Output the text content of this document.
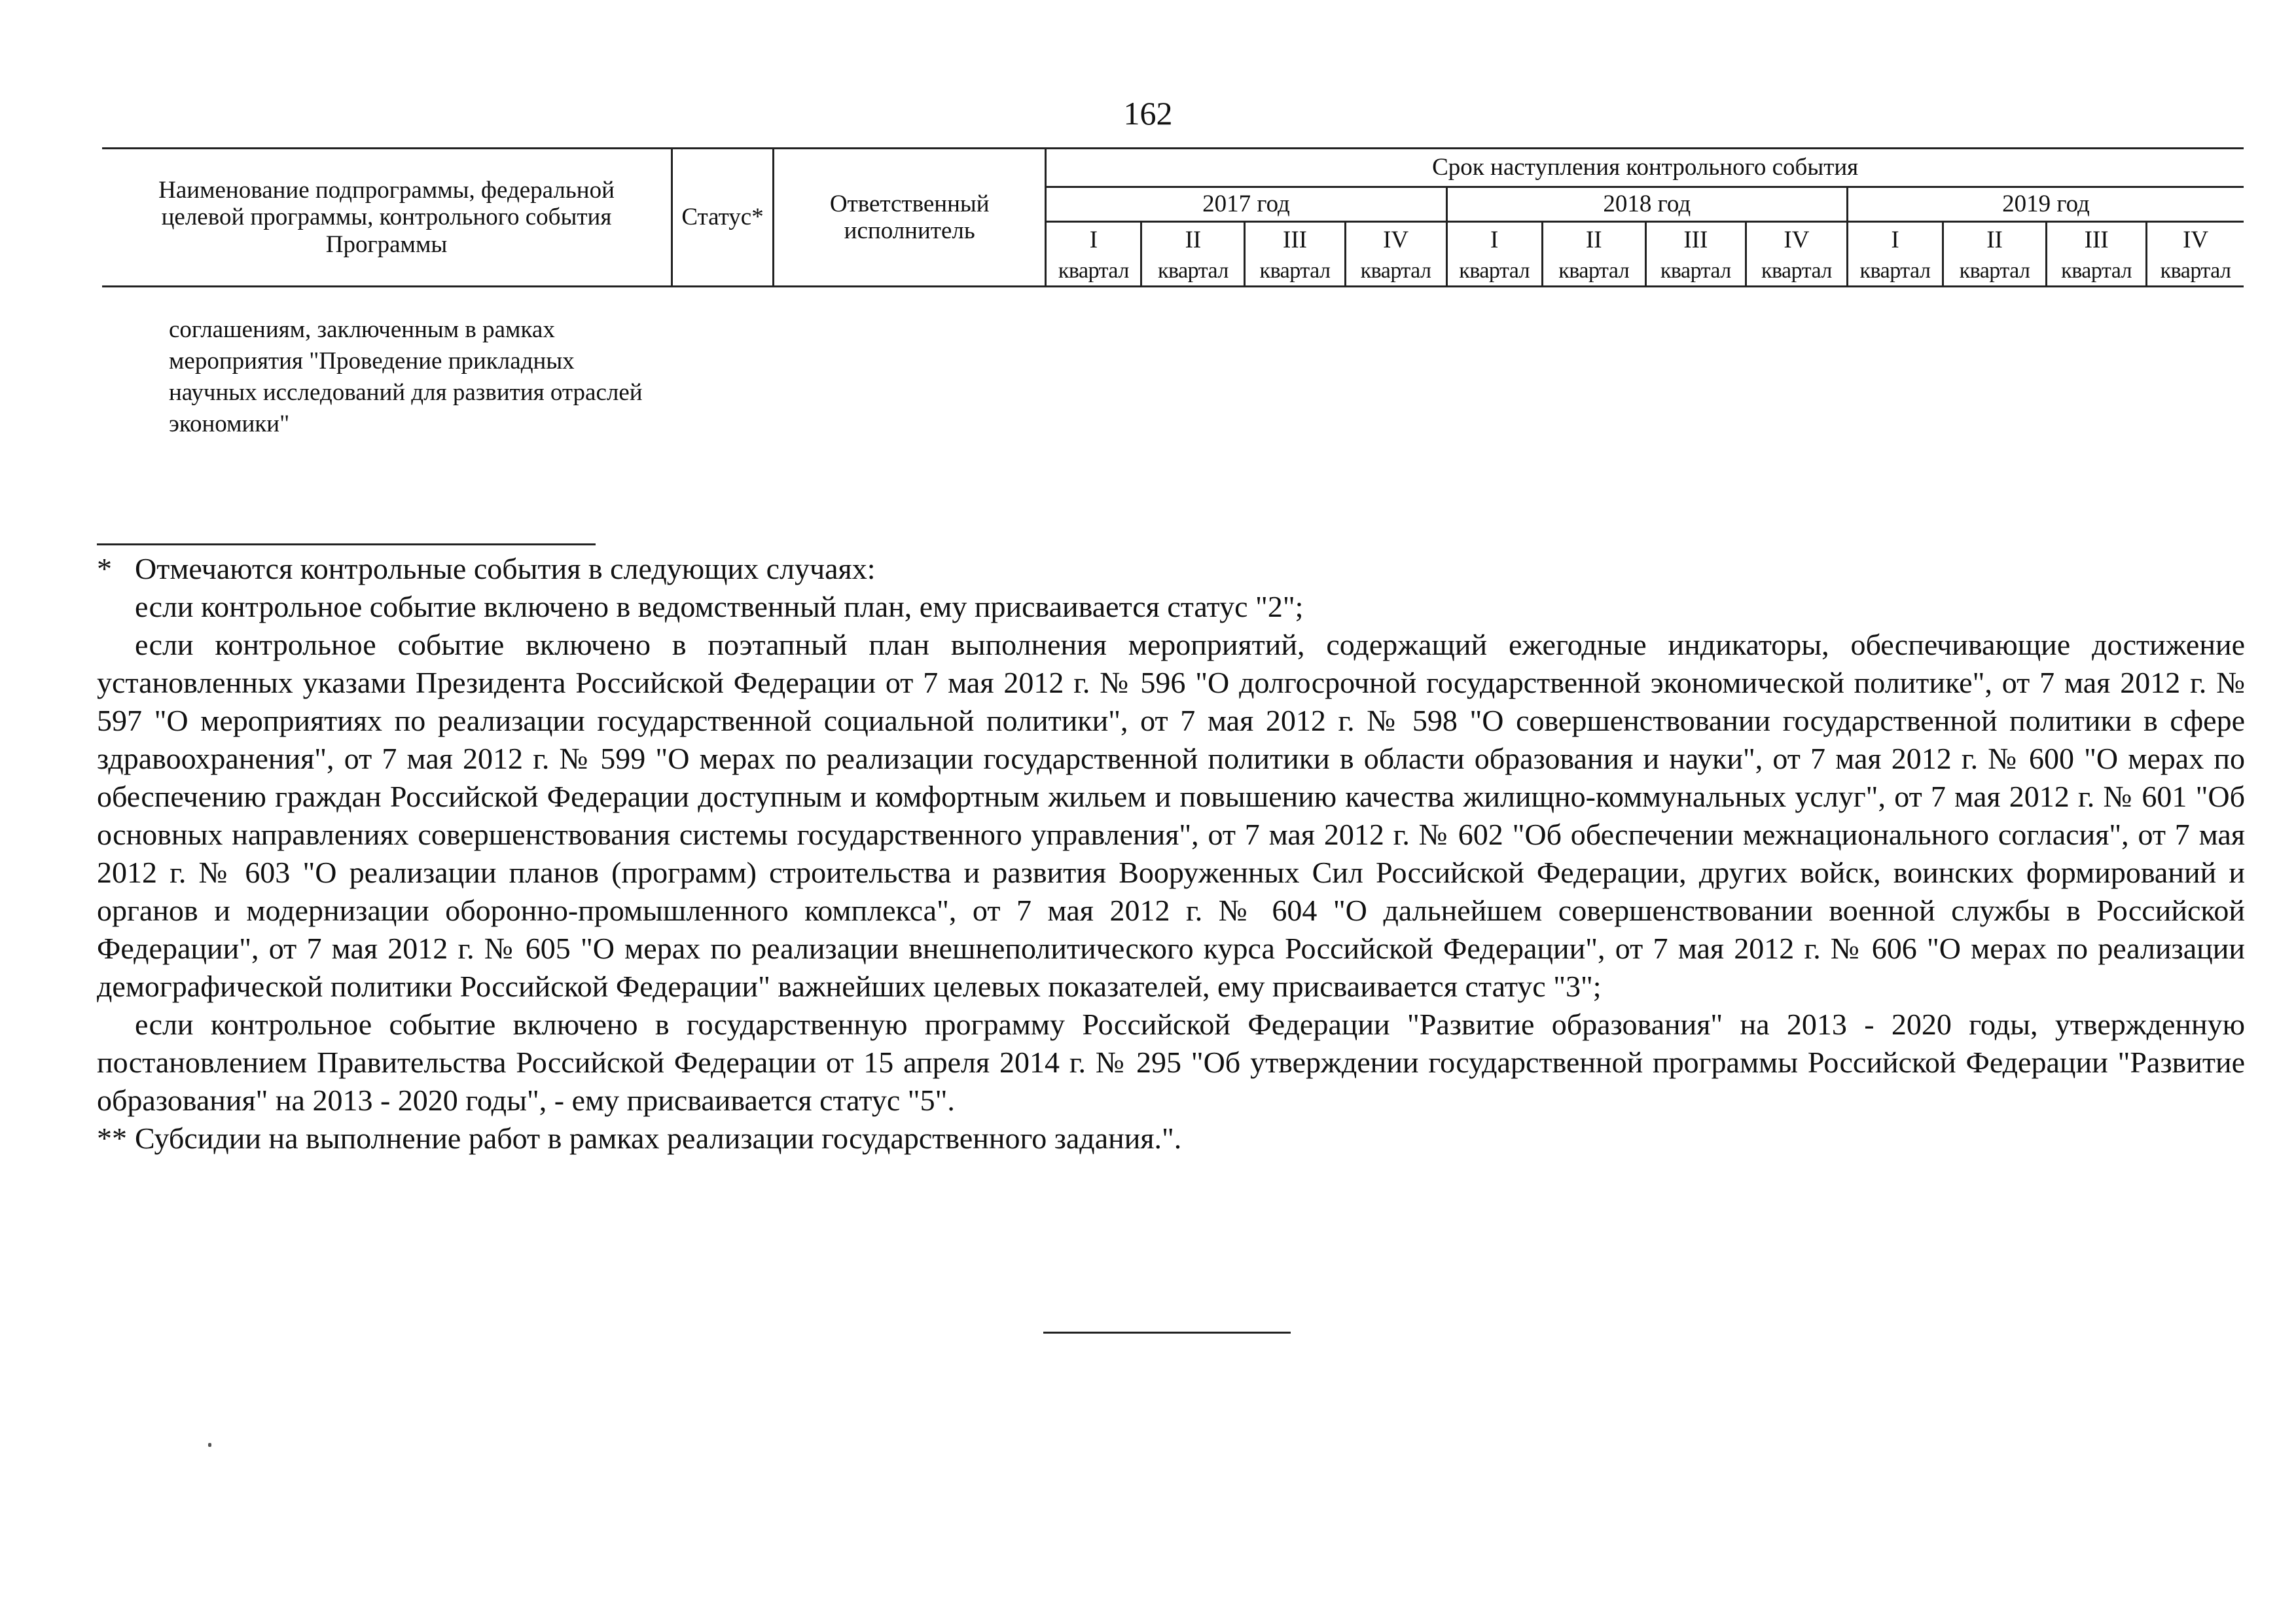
162
Наименование подпрограммы, федеральной целевой программы, контрольного события Программы	Статус*	Ответственный исполнитель	Срок наступления контрольного события											
			2017 год				2018 год				2019 год			
			I	II	III	IV	I	II	III	IV	I	II	III	IV
			квартал	квартал	квартал	квартал	квартал	квартал	квартал	квартал	квартал	квартал	квартал	квартал
соглашениям, заключенным в рамках мероприятия "Проведение прикладных научных исследований для развития отраслей экономики"

* Отмечаются контрольные события в следующих случаях:

если контрольное событие включено в ведомственный план, ему присваивается статус "2";

если контрольное событие включено в поэтапный план выполнения мероприятий, содержащий ежегодные индикаторы, обеспечивающие достижение установленных указами Президента Российской Федерации от 7 мая 2012 г. № 596 "О долгосрочной государственной экономической политике", от 7 мая 2012 г. № 597 "О мероприятиях по реализации государственной социальной политики", от 7 мая 2012 г. № 598 "О совершенствовании государственной политики в сфере здравоохранения", от 7 мая 2012 г. № 599 "О мерах по реализации государственной политики в области образования и науки", от 7 мая 2012 г. № 600 "О мерах по обеспечению граждан Российской Федерации доступным и комфортным жильем и повышению качества жилищно-коммунальных услуг", от 7 мая 2012 г. № 601 "Об основных направлениях совершенствования системы государственного управления", от 7 мая 2012 г. № 602 "Об обеспечении межнационального согласия", от 7 мая 2012 г. № 603 "О реализации планов (программ) строительства и развития Вооруженных Сил Российской Федерации, других войск, воинских формирований и органов и модернизации оборонно-промышленного комплекса", от 7 мая 2012 г. № 604 "О дальнейшем совершенствовании военной службы в Российской Федерации", от 7 мая 2012 г. № 605 "О мерах по реализации внешнеполитического курса Российской Федерации", от 7 мая 2012 г. № 606 "О мерах по реализации демографической политики Российской Федерации" важнейших целевых показателей, ему присваивается статус "3";

если контрольное событие включено в государственную программу Российской Федерации "Развитие образования" на 2013 - 2020 годы, утвержденную постановлением Правительства Российской Федерации от 15 апреля 2014 г. № 295 "Об утверждении государственной программы Российской Федерации "Развитие образования" на 2013 - 2020 годы", - ему присваивается статус "5".

** Субсидии на выполнение работ в рамках реализации государственного задания.".
